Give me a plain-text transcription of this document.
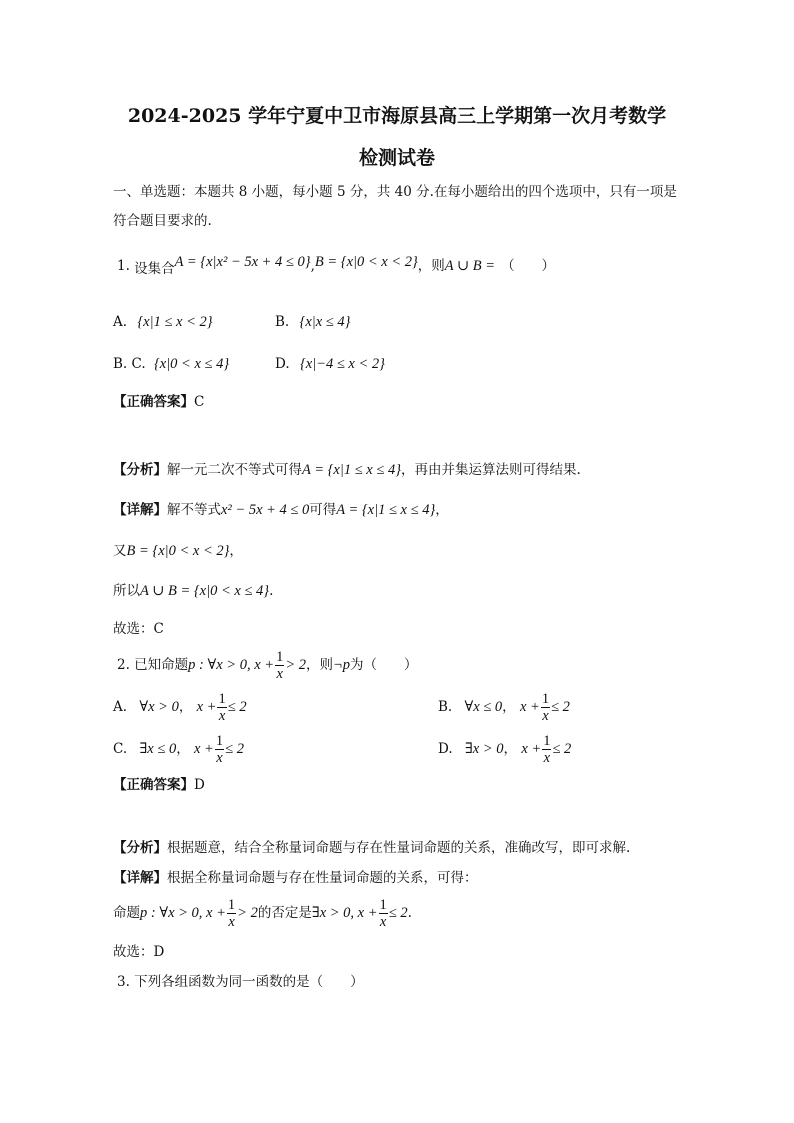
2024-2025 学年宁夏中卫市海原县高三上学期第一次月考数学
检测试卷
一、单选题：本题共 8 小题，每小题 5 分，共 40 分.在每小题给出的四个选项中，只有一项是
符合题目要求的.
1. 设集合A = {x|x² − 5x + 4 ≤ 0},B = {x|0 < x < 2}，则A ∪ B = （　　）
A. {x|1 ≤ x < 2}	B. {x|x ≤ 4}
B. C. {x|0 < x ≤ 4}	D. {x|−4 ≤ x < 2}
【正确答案】C
【分析】解一元二次不等式可得A = {x|1 ≤ x ≤ 4}，再由并集运算法则可得结果.
【详解】解不等式x² − 5x + 4 ≤ 0可得A = {x|1 ≤ x ≤ 4}，
又B = {x|0 < x < 2}，
所以A ∪ B = {x|0 < x ≤ 4}.
故选：C
2. 已知命题p : ∀x > 0, $x + \frac{1}{x} > 2$，则¬p为（　　）
A. ∀x > 0， $x + \frac{1}{x} \le 2$	B. ∀x ≤ 0， $x + \frac{1}{x} \le 2$
C. ∃x ≤ 0， $x + \frac{1}{x} \le 2$	D. ∃x > 0， $x + \frac{1}{x} \le 2$
【正确答案】D
【分析】根据题意，结合全称量词命题与存在性量词命题的关系，准确改写，即可求解.
【详解】根据全称量词命题与存在性量词命题的关系，可得：
命题p : ∀x > 0, $x + \frac{1}{x} > 2$的否定是∃x > 0, $x + \frac{1}{x} \le 2$.
故选：D
3. 下列各组函数为同一函数的是（　　）
